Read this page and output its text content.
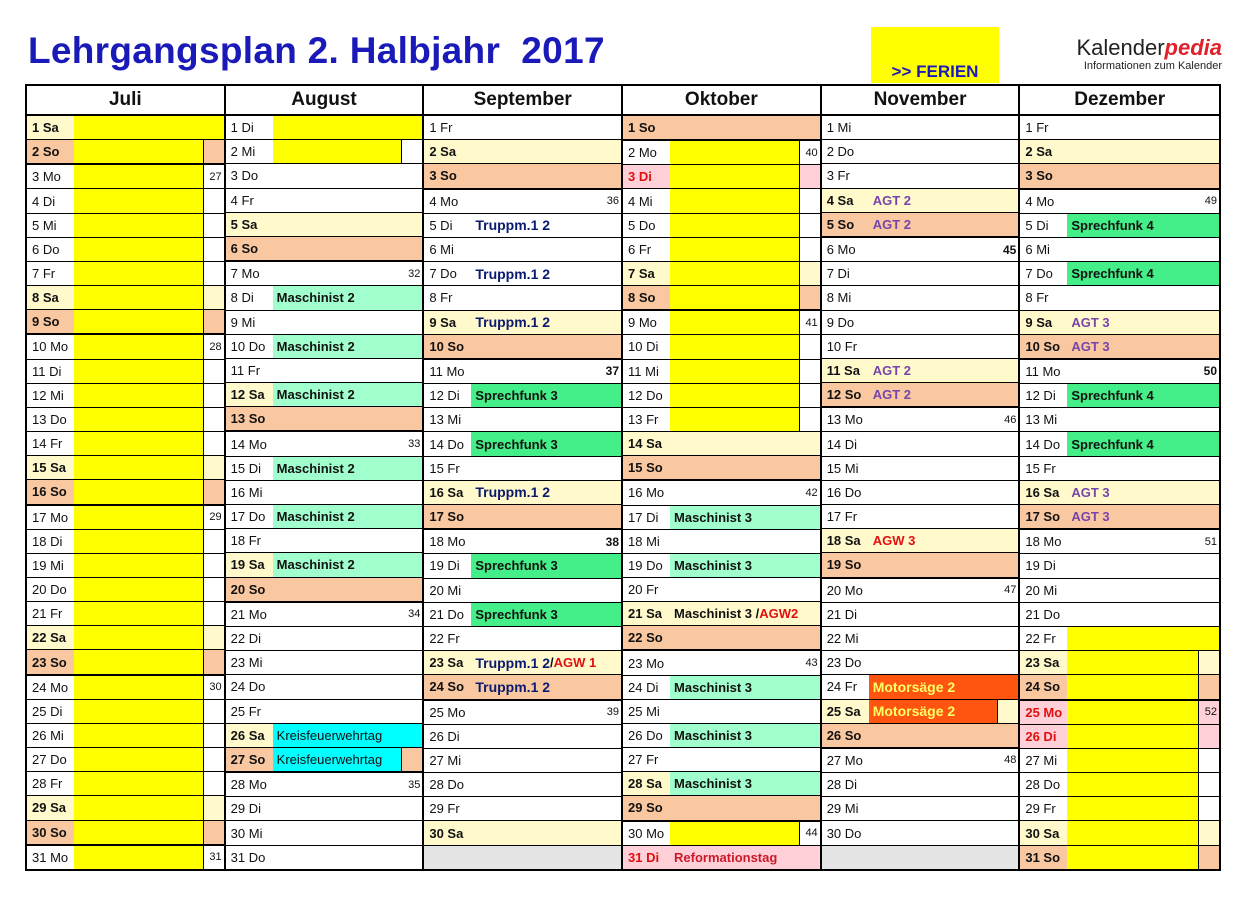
Lehrgangsplan 2. Halbjahr  2017
>> FERIEN
Kalenderpedia
Informationen zum Kalender
Juli
1 Sa
2 So
3 Mo	27
4 Di
5 Mi
6 Do
7 Fr
8 Sa
9 So
10 Mo	28
11 Di
12 Mi
13 Do
14 Fr
15 Sa
16 So
17 Mo	29
18 Di
19 Mi
20 Do
21 Fr
22 Sa
23 So
24 Mo	30
25 Di
26 Mi
27 Do
28 Fr
29 Sa
30 So
31 Mo	31
August
1 Di
2 Mi
3 Do
4 Fr
5 Sa
6 So
7 Mo	32
8 Di	Maschinist 2
9 Mi
10 Do Maschinist 2
11 Fr
12 Sa Maschinist 2
13 So
14 Mo	33
15 Di	Maschinist 2
16 Mi
17 Do Maschinist 2
18 Fr
19 Sa Maschinist 2
20 So
21 Mo	34
22 Di
23 Mi
24 Do
25 Fr
26 Sa Kreisfeuerwehrtag
27 So Kreisfeuerwehrtag
28 Mo	35
29 Di
30 Mi
31 Do
September
1 Fr
2 Sa
3 So
4 Mo	36
5 Di	Truppm.1 2
6 Mi
7 Do	Truppm.1 2
8 Fr
9 Sa	Truppm.1 2
10 So
11 Mo	37
12 Di	Sprechfunk 3
13 Mi
14 Do Sprechfunk 3
15 Fr
16 Sa Truppm.1 2
17 So
18 Mo	38
19 Di	Sprechfunk 3
20 Mi
21 Do Sprechfunk 3
22 Fr
23 Sa Truppm.1 2 / AGW 1
24 So Truppm.1 2
25 Mo	39
26 Di
27 Mi
28 Do
29 Fr
30 Sa
Oktober
1 So
2 Mo	40
3 Di
4 Mi
5 Do
6 Fr
7 Sa
8 So
9 Mo	41
10 Di
11 Mi
12 Do
13 Fr
14 Sa
15 So
16 Mo	42
17 Di	Maschinist 3
18 Mi
19 Do Maschinist 3
20 Fr
21 Sa Maschinist 3 / AGW2
22 So
23 Mo	43
24 Di	Maschinist 3
25 Mi
26 Do Maschinist 3
27 Fr
28 Sa Maschinist 3
29 So
30 Mo	44
31 Di	Reformationstag
November
1 Mi
2 Do
3 Fr
4 Sa	AGT 2
5 So	AGT 2
6 Mo	45
7 Di
8 Mi
9 Do
10 Fr
11 Sa AGT 2
12 So AGT 2
13 Mo	46
14 Di
15 Mi
16 Do
17 Fr
18 Sa AGW 3
19 So
20 Mo	47
21 Di
22 Mi
23 Do
24 Fr	Motorsäge 2
25 Sa Motorsäge 2
26 So
27 Mo	48
28 Di
29 Mi
30 Do
Dezember
1 Fr
2 Sa
3 So
4 Mo	49
5 Di	Sprechfunk 4
6 Mi
7 Do	Sprechfunk 4
8 Fr
9 Sa	AGT 3
10 So AGT 3
11 Mo	50
12 Di	Sprechfunk 4
13 Mi
14 Do Sprechfunk 4
15 Fr
16 Sa AGT 3
17 So AGT 3
18 Mo	51
19 Di
20 Mi
21 Do
22 Fr
23 Sa
24 So
25 Mo	52
26 Di
27 Mi
28 Do
29 Fr
30 Sa
31 So
